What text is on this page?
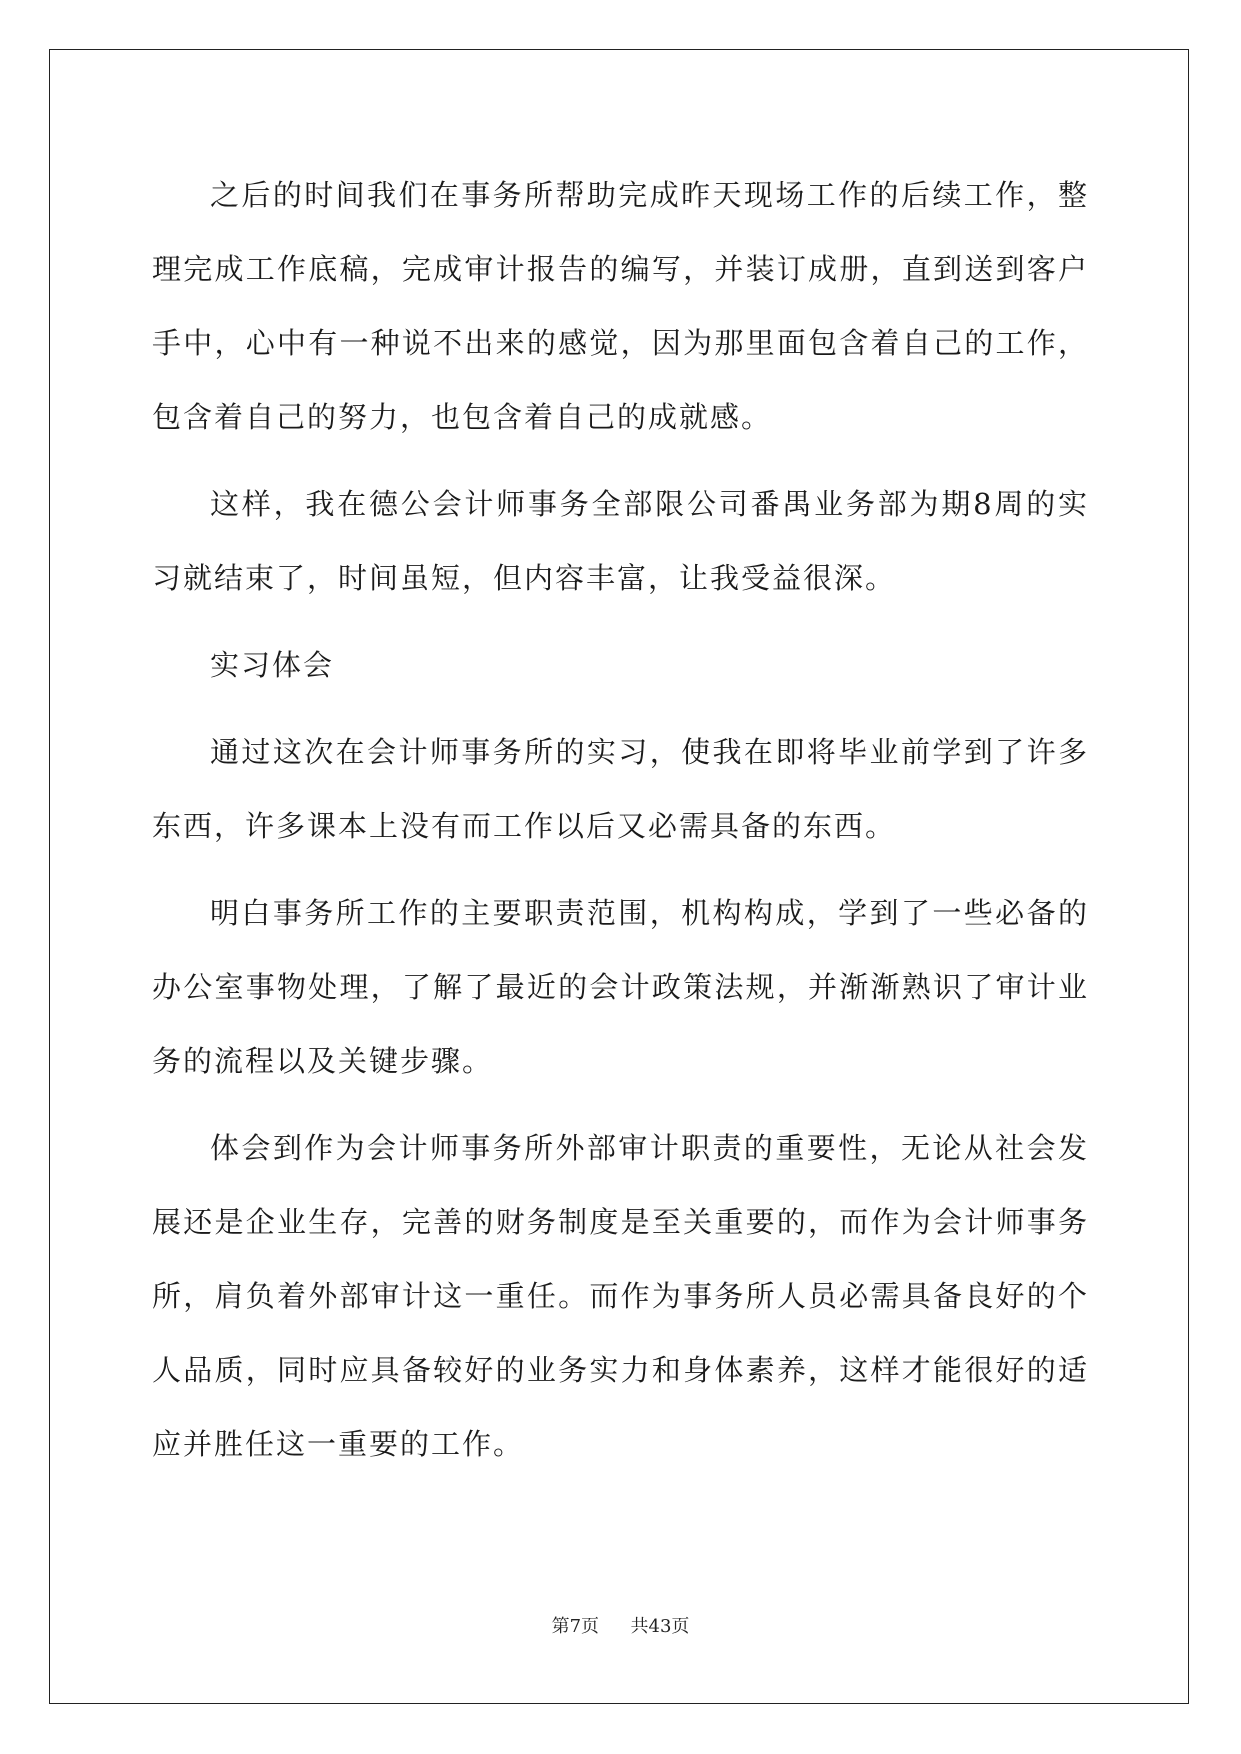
之后的时间我们在事务所帮助完成昨天现场工作的后续工作，整理完成工作底稿，完成审计报告的编写，并装订成册，直到送到客户手中，心中有一种说不出来的感觉，因为那里面包含着自己的工作，包含着自己的努力，也包含着自己的成就感。

这样，我在德公会计师事务全部限公司番禺业务部为期8周的实习就结束了，时间虽短，但内容丰富，让我受益很深。

实习体会

通过这次在会计师事务所的实习，使我在即将毕业前学到了许多东西，许多课本上没有而工作以后又必需具备的东西。

明白事务所工作的主要职责范围，机构构成，学到了一些必备的办公室事物处理，了解了最近的会计政策法规，并渐渐熟识了审计业务的流程以及关键步骤。

体会到作为会计师事务所外部审计职责的重要性，无论从社会发展还是企业生存，完善的财务制度是至关重要的，而作为会计师事务所，肩负着外部审计这一重任。而作为事务所人员必需具备良好的个人品质，同时应具备较好的业务实力和身体素养，这样才能很好的适应并胜任这一重要的工作。

第7页 共43页
